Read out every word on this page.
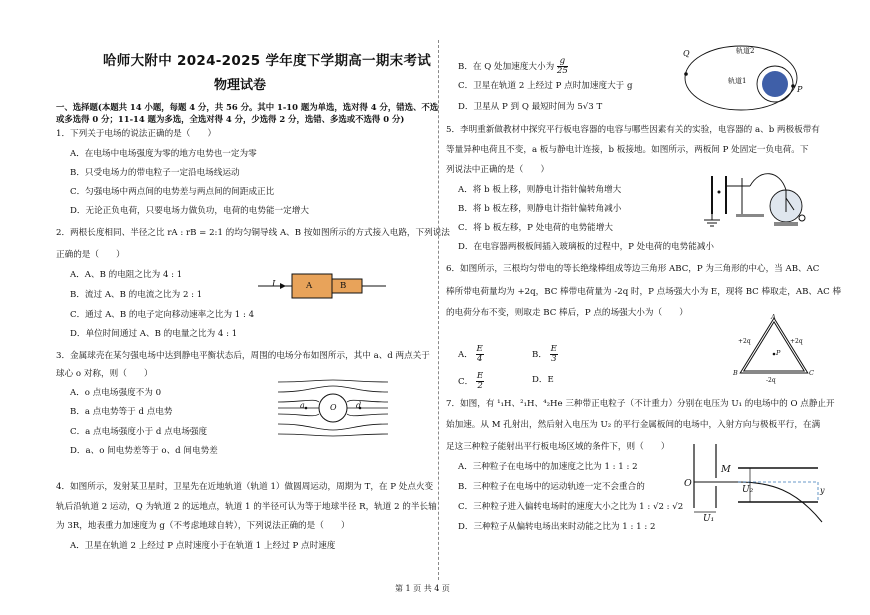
哈师大附中 2024-2025 学年度下学期高一期末考试
物理试卷
一、选择题(本题共 14 小题，每题 4 分，共 56 分。其中 1-10 题为单选，选对得 4 分，错选、不选
或多选得 0 分；11-14 题为多选，全选对得 4 分，少选得 2 分，选错、多选或不选得 0 分)
1．下列关于电场的说法正确的是（　　）
A．在电场中电场强度为零的地方电势也一定为零
B．只受电场力的带电粒子一定沿电场线运动
C．匀强电场中两点间的电势差与两点间的间距成正比
D．无论正负电荷，只要电场力做负功，电荷的电势能一定增大
2．两根长度相同、半径之比 rA : rB = 2:1 的均匀铜导线 A、B 按如图所示的方式接入电路，下列说法
正确的是（　　）
A．A、B 的电阻之比为 4 : 1
B．流过 A、B 的电流之比为 2 : 1
C．通过 A、B 的电子定向移动速率之比为 1 : 4
D．单位时间通过 A、B 的电量之比为 4 : 1
I	A	B
3．金属球壳在某匀强电场中达到静电平衡状态后，周围的电场分布如图所示，其中 a、d 两点关于
球心 o 对称，则（　　）
A．o 点电场强度不为 0
B．a 点电势等于 d 点电势
C．a 点电场强度小于 d 点电场强度
D．a、o 间电势差等于 o、d 间电势差
O
a	d
4．如图所示，发射某卫星时，卫星先在近地轨道（轨道 1）做圆周运动，周期为 T，在 P 处点火变
轨后沿轨道 2 运动，Q 为轨道 2 的远地点，轨道 1 的半径可认为等于地球半径 R，轨道 2 的半长轴
为 3R，地表重力加速度为 g（不考虑地球自转），下列说法正确的是（　　）
A．卫星在轨道 2 上经过 P 点时速度小于在轨道 1 上经过 P 点时速度
B．在 Q 处加速度大小为 $\frac{g}{25}$
C．卫星在轨道 2 上经过 P 点时加速度大于 g
D．卫星从 P 到 Q 最短时间为 5√3 T
Q
P
轨道1
轨道2
5．李明重新做教材中探究平行板电容器的电容与哪些因素有关的实验，电容器的 a、b 两极板带有
等量异种电荷且不变，a 板与静电计连接，b 板接地。如图所示，两板间 P 处固定一负电荷。下
列说法中正确的是（　　）
A．将 b 板上移，则静电计指针偏转角增大
B．将 b 板左移，则静电计指针偏转角减小
C．将 b 板左移，P 处电荷的电势能增大
D．在电容器两极板间插入玻璃板的过程中，P 处电荷的电势能减小
6．如图所示，三根均匀带电的等长绝缘棒组成等边三角形 ABC，P 为三角形的中心，当 AB、AC
棒所带电荷量均为 +2q，BC 棒带电荷量为 -2q 时，P 点场强大小为 E，现将 BC 棒取走，AB、AC 棒
的电荷分布不变，则取走 BC 棒后，P 点的场强大小为（　　）
A． $\frac{E}{4}$	B． $\frac{E}{3}$
C． $\frac{E}{2}$	D．E
A
B	C
P
+2q	+2q
-2q
7．如图，有 ¹₁H、²₁H、⁴₂He 三种带正电粒子（不计重力）分别在电压为 U₁ 的电场中的 O 点静止开
始加速。从 M 孔射出，然后射入电压为 U₂ 的平行金属板间的电场中，入射方向与极板平行，在满
足这三种粒子能射出平行板电场区域的条件下，则（　　）
A．三种粒子在电场中的加速度之比为 1 : 1 : 2
B．三种粒子在电场中的运动轨迹一定不会重合的
C．三种粒子进入偏转电场时的速度大小之比为 1 : √2 : √2
D．三种粒子从偏转电场出来时动能之比为 1 : 1 : 2
O
M
U₂
U₁
y
第 1 页 共 4 页
